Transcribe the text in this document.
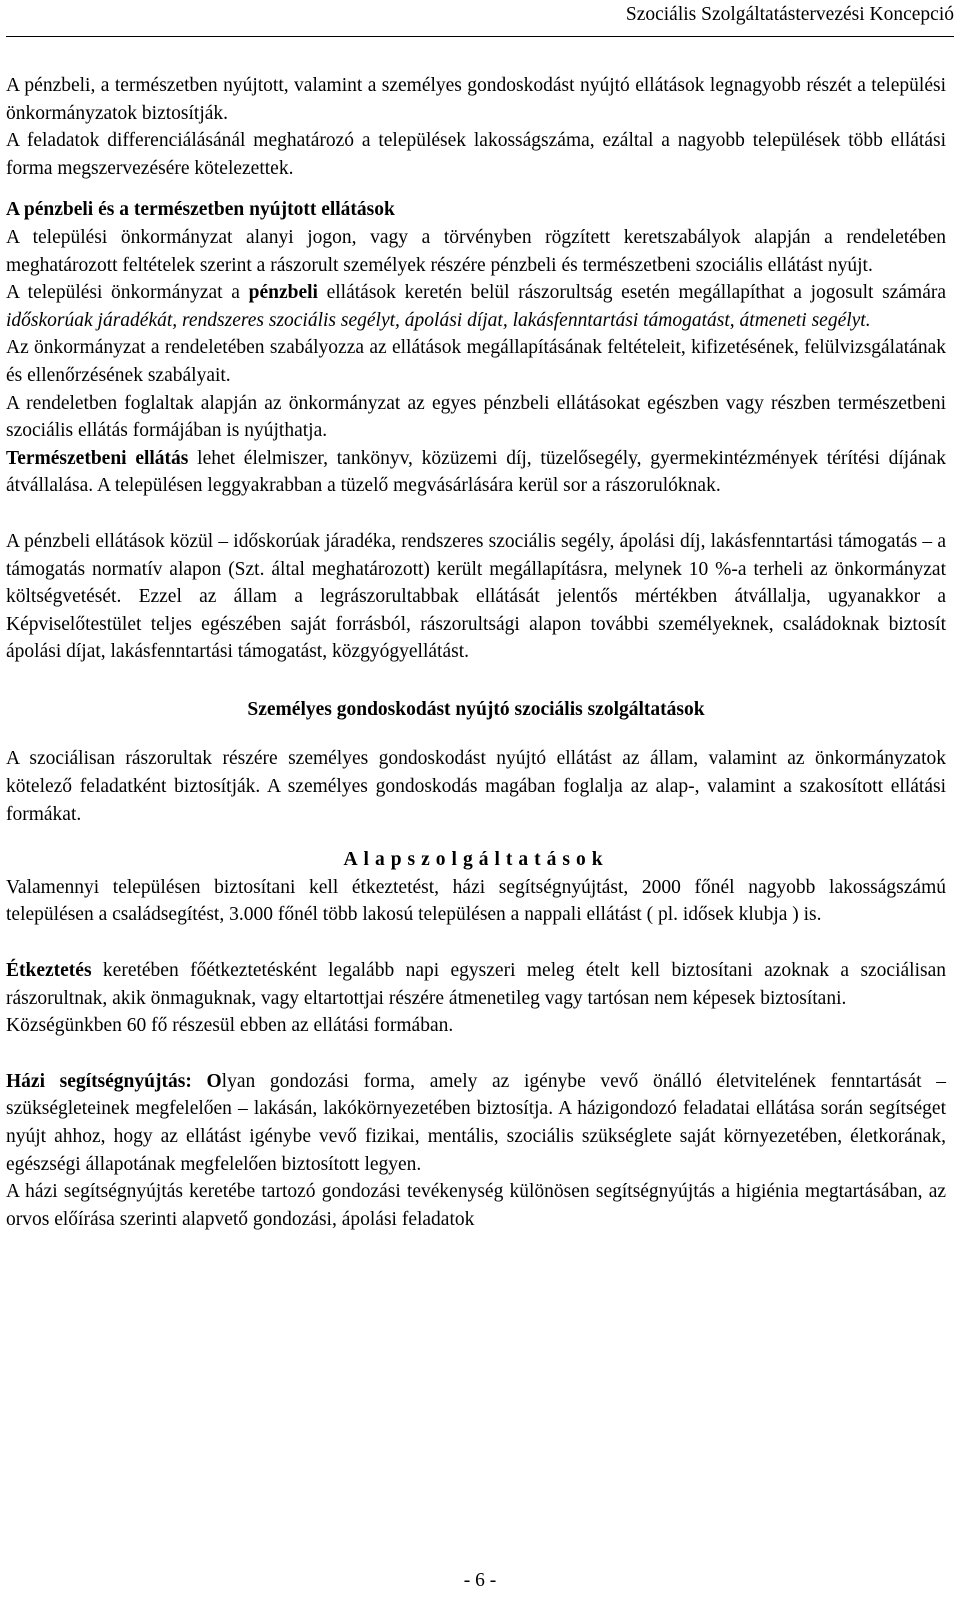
Szociális Szolgáltatástervezési Koncepció

A pénzbeli, a természetben nyújtott, valamint a személyes gondoskodást nyújtó ellátások legnagyobb részét a települési önkormányzatok biztosítják.

A feladatok differenciálásánál meghatározó a települések lakosságszáma, ezáltal a nagyobb települések több ellátási forma megszervezésére kötelezettek.

A pénzbeli és a természetben nyújtott ellátások

A települési önkormányzat alanyi jogon, vagy a törvényben rögzített keretszabályok alapján a rendeletében meghatározott feltételek szerint a rászorult személyek részére pénzbeli és természetbeni szociális ellátást nyújt.

A települési önkormányzat a pénzbeli ellátások keretén belül rászorultság esetén megállapíthat a jogosult számára időskorúak járadékát, rendszeres szociális segélyt, ápolási díjat, lakásfenntartási támogatást, átmeneti segélyt.

Az önkormányzat a rendeletében szabályozza az ellátások megállapításának feltételeit, kifizetésének, felülvizsgálatának és ellenőrzésének szabályait.

A rendeletben foglaltak alapján az önkormányzat az egyes pénzbeli ellátásokat egészben vagy részben természetbeni szociális ellátás formájában is nyújthatja.

Természetbeni ellátás lehet élelmiszer, tankönyv, közüzemi díj, tüzelősegély, gyermekintézmények térítési díjának átvállalása. A településen leggyakrabban a tüzelő megvásárlására kerül sor a rászorulóknak.

A pénzbeli ellátások közül – időskorúak járadéka, rendszeres szociális segély, ápolási díj, lakásfenntartási támogatás – a támogatás normatív alapon (Szt. által meghatározott) került megállapításra, melynek 10 %-a terheli az önkormányzat költségvetését. Ezzel az állam a legrászorultabbak ellátását jelentős mértékben átvállalja, ugyanakkor a Képviselőtestület teljes egészében saját forrásból, rászorultsági alapon további személyeknek, családoknak biztosít ápolási díjat, lakásfenntartási támogatást, közgyógyellátást.

Személyes gondoskodást nyújtó szociális szolgáltatások

A szociálisan rászorultak részére személyes gondoskodást nyújtó ellátást az állam, valamint az önkormányzatok kötelező feladatként biztosítják. A személyes gondoskodás magában foglalja az alap-, valamint a szakosított ellátási formákat.

Alapszolgáltatások

Valamennyi településen biztosítani kell étkeztetést, házi segítségnyújtást, 2000 főnél nagyobb lakosságszámú településen a családsegítést, 3.000 főnél több lakosú településen a nappali ellátást ( pl. idősek klubja ) is.

Étkeztetés keretében főétkeztetésként legalább napi egyszeri meleg ételt kell biztosítani azoknak a szociálisan rászorultnak, akik önmaguknak, vagy eltartottjai részére átmenetileg vagy tartósan nem képesek biztosítani.

Községünkben 60 fő részesül ebben az ellátási formában.

Házi segítségnyújtás: Olyan gondozási forma, amely az igénybe vevő önálló életvitelének fenntartását – szükségleteinek megfelelően – lakásán, lakókörnyezetében biztosítja. A házigondozó feladatai ellátása során segítséget nyújt ahhoz, hogy az ellátást igénybe vevő fizikai, mentális, szociális szükséglete saját környezetében, életkorának, egészségi állapotának megfelelően biztosított legyen.

A házi segítségnyújtás keretébe tartozó gondozási tevékenység különösen segítségnyújtás a higiénia megtartásában, az orvos előírása szerinti alapvető gondozási, ápolási feladatok

- 6 -
